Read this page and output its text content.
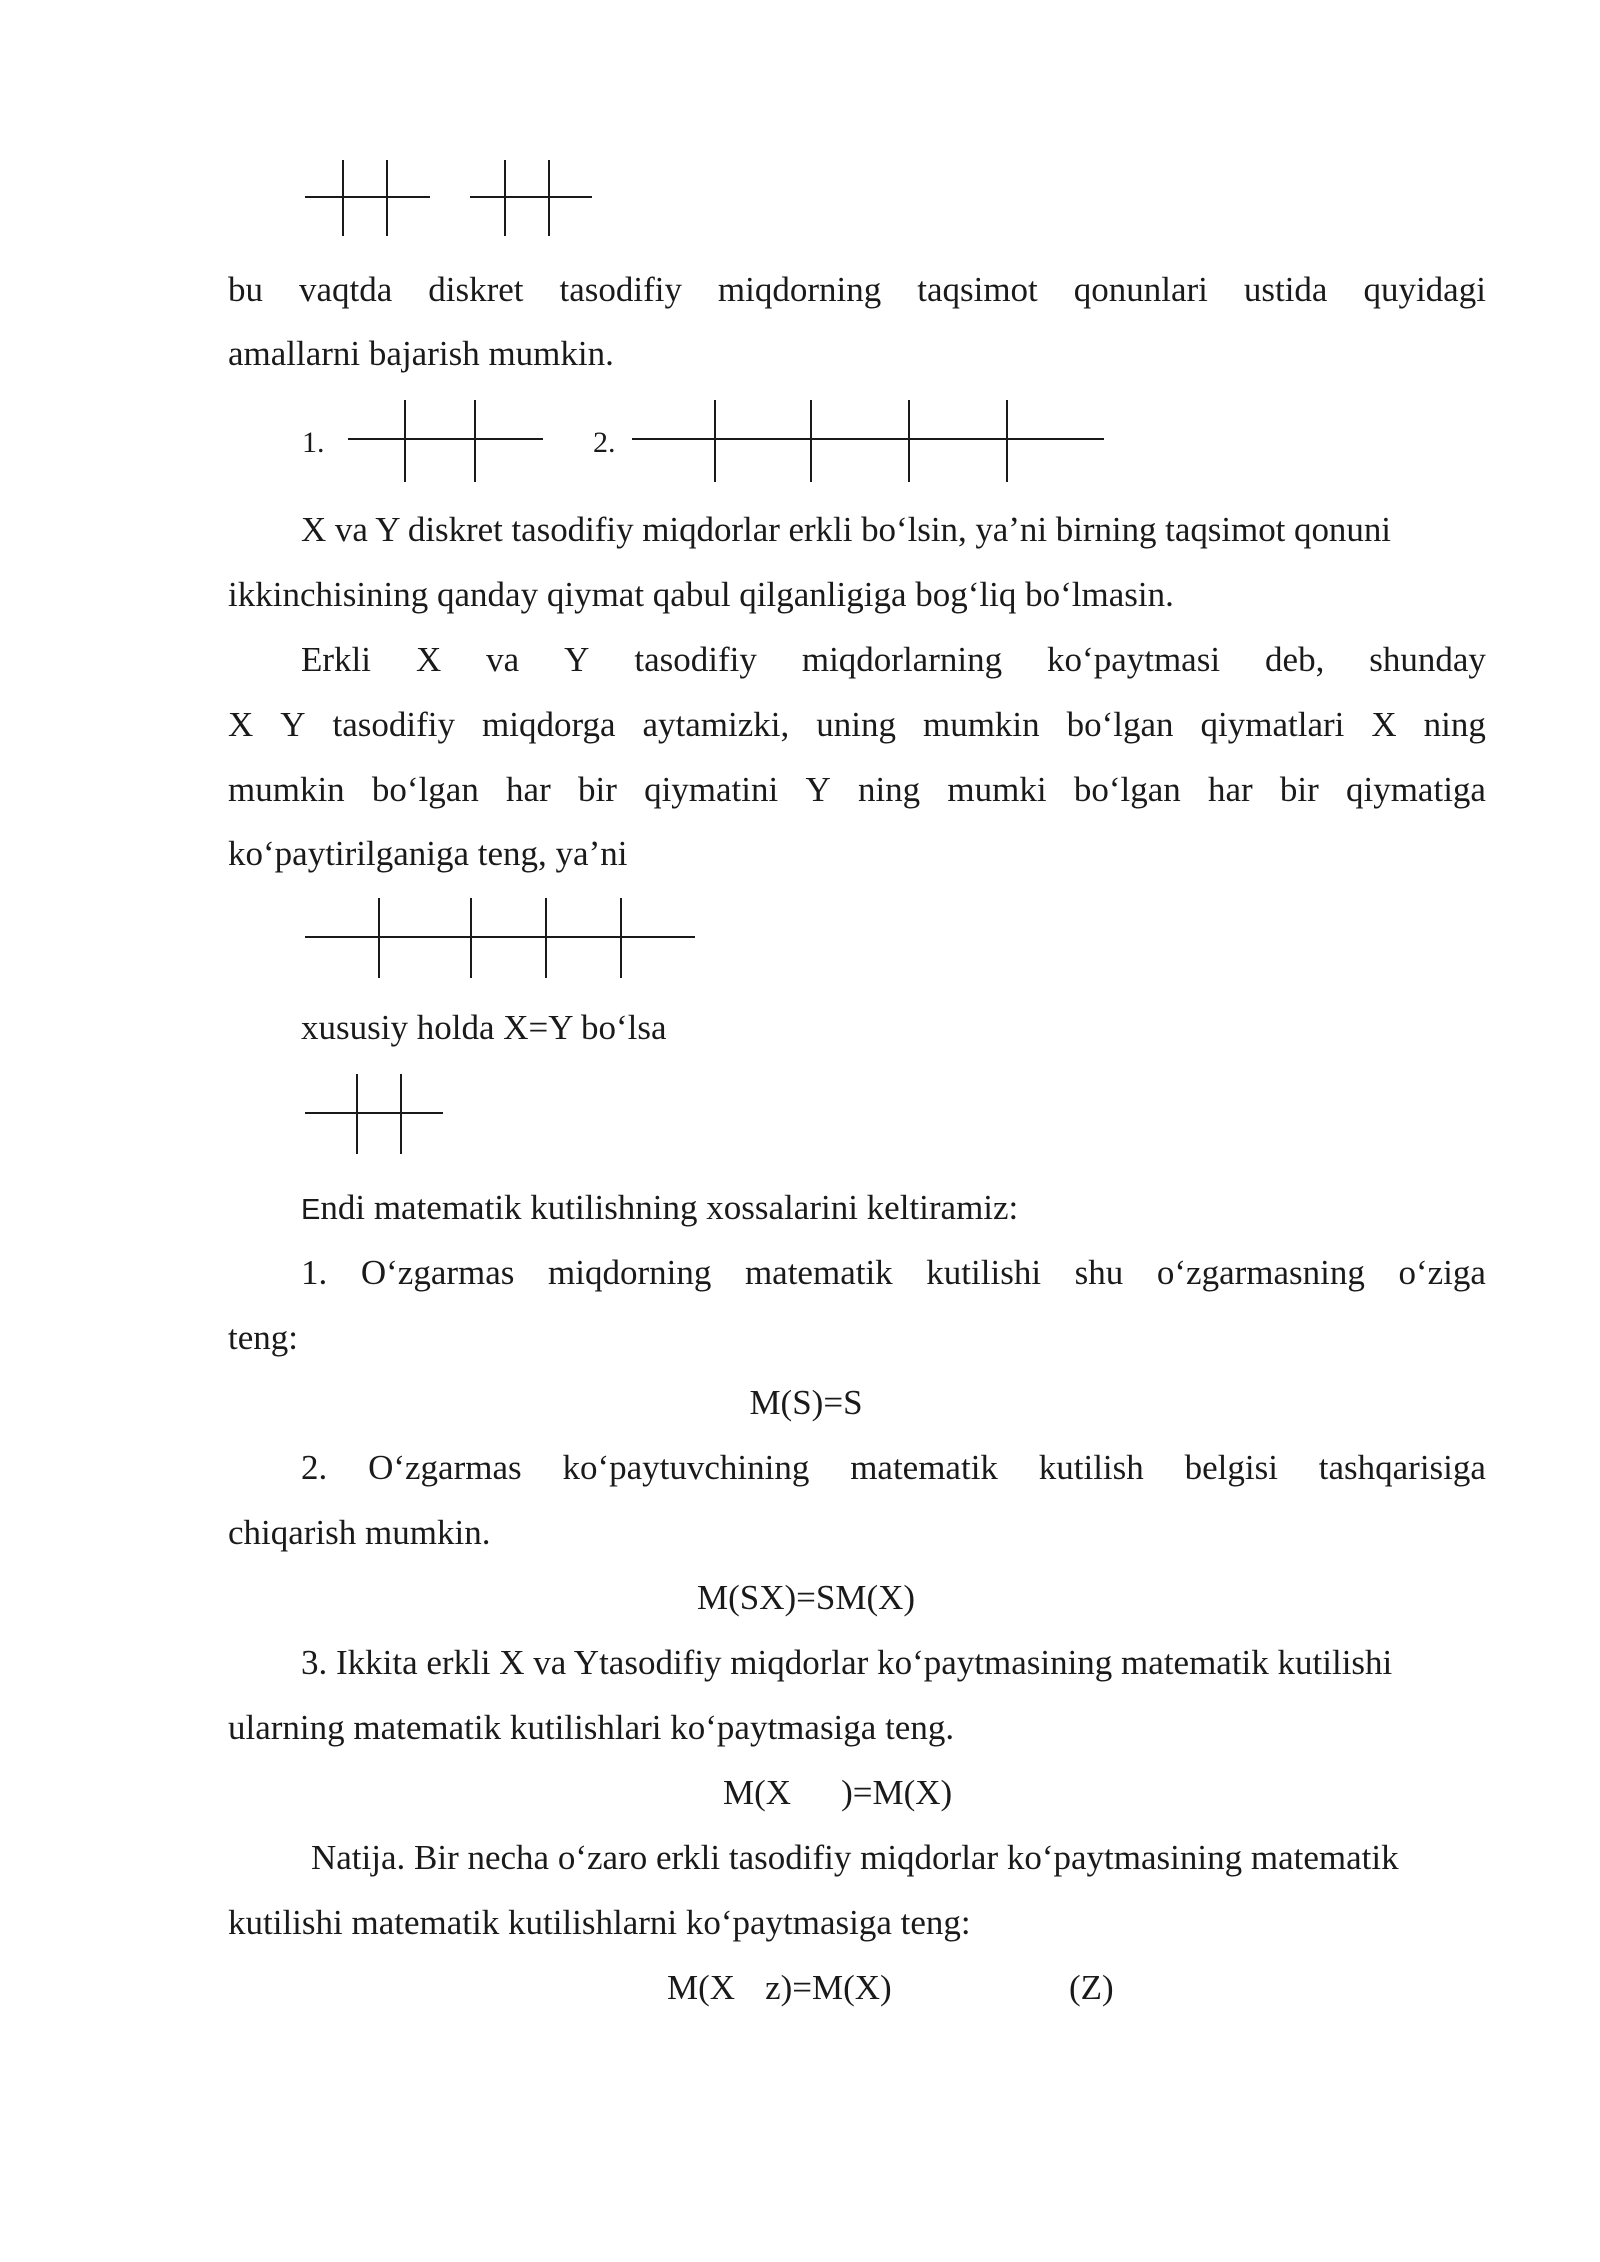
bu vaqtda diskret tasodifiy miqdorning taqsimot qonunlari ustida quyidagi
amallarni bajarish mumkin.
1.	2.
X va Y diskret tasodifiy miqdorlar erkli boʻlsin, yaʼni birning taqsimot qonuni
ikkinchisining qanday qiymat qabul qilganligiga bogʻliq boʻlmasin.
Erkli X va Y tasodifiy miqdorlarning koʻpaytmasi deb, shunday
X Y tasodifiy miqdorga aytamizki, uning mumkin boʻlgan qiymatlari X ning
mumkin boʻlgan har bir qiymatini Y ning mumki boʻlgan har bir qiymatiga
koʻpaytirilganiga teng, yaʼni
xususiy holda X=Y boʻlsa
Endi matematik kutilishning xossalarini keltiramiz:
1. Oʻzgarmas miqdorning matematik kutilishi shu oʻzgarmasning oʻziga
teng:
M(S)=S
2. Oʻzgarmas koʻpaytuvchining matematik kutilish belgisi tashqarisiga
chiqarish mumkin.
M(SX)=SM(X)
3. Ikkita erkli X va Ytasodifiy miqdorlar koʻpaytmasining matematik kutilishi
ularning matematik kutilishlari koʻpaytmasiga teng.
M(X )=M(X)
Natija. Bir necha oʻzaro erkli tasodifiy miqdorlar koʻpaytmasining matematik
kutilishi matematik kutilishlarni koʻpaytmasiga teng:
M(X z)=M(X)	(Z)
